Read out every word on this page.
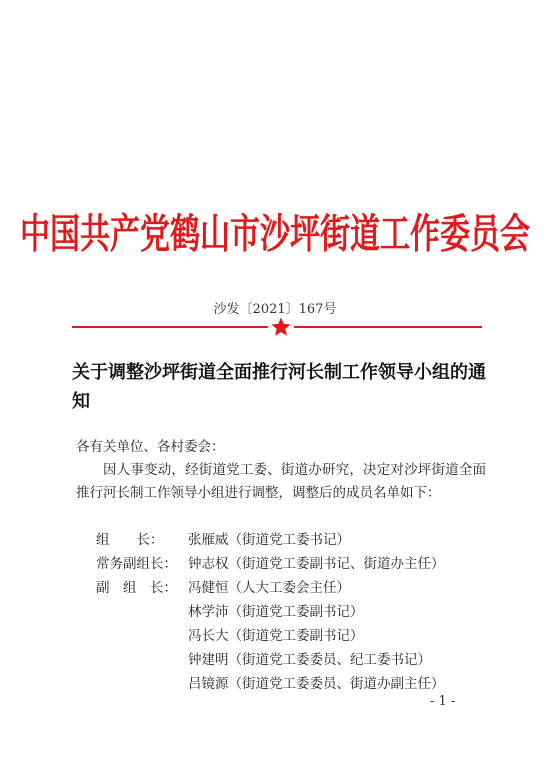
中国共产党鹤山市沙坪街道工作委员会
沙发〔2021〕167号
关于调整沙坪街道全面推行河长制工作领导小组的通知
各有关单位、各村委会：
因人事变动，经街道党工委、街道办研究，决定对沙坪街道全面推行河长制工作领导小组进行调整，调整后的成员名单如下：
组　　长： 张雁威（街道党工委书记）
常务副组长： 钟志权（街道党工委副书记、街道办主任）
副　组　长： 冯健恒（人大工委会主任）
林学沛（街道党工委副书记）
冯长大（街道党工委副书记）
钟建明（街道党工委委员、纪工委书记）
吕镜源（街道党工委委员、街道办副主任）
- 1 -
